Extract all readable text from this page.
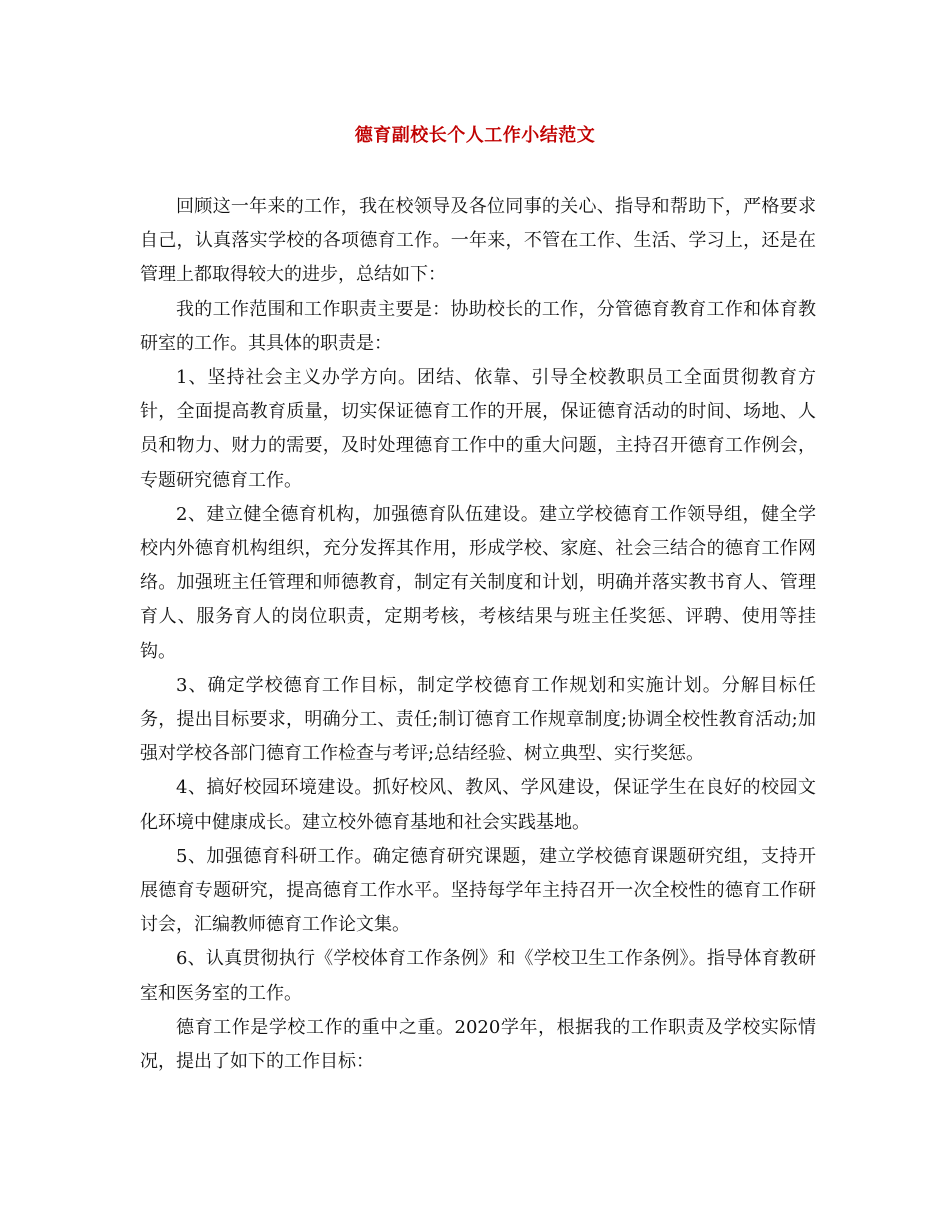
德育副校长个人工作小结范文

回顾这一年来的工作，我在校领导及各位同事的关心、指导和帮助下，严格要求自己，认真落实学校的各项德育工作。一年来，不管在工作、生活、学习上，还是在管理上都取得较大的进步，总结如下：

我的工作范围和工作职责主要是：协助校长的工作，分管德育教育工作和体育教研室的工作。其具体的职责是：

1、坚持社会主义办学方向。团结、依靠、引导全校教职员工全面贯彻教育方针，全面提高教育质量，切实保证德育工作的开展，保证德育活动的时间、场地、人员和物力、财力的需要，及时处理德育工作中的重大问题，主持召开德育工作例会，专题研究德育工作。

2、建立健全德育机构，加强德育队伍建设。建立学校德育工作领导组，健全学校内外德育机构组织，充分发挥其作用，形成学校、家庭、社会三结合的德育工作网络。加强班主任管理和师德教育，制定有关制度和计划，明确并落实教书育人、管理育人、服务育人的岗位职责，定期考核，考核结果与班主任奖惩、评聘、使用等挂钩。

3、确定学校德育工作目标，制定学校德育工作规划和实施计划。分解目标任务，提出目标要求，明确分工、责任;制订德育工作规章制度;协调全校性教育活动;加强对学校各部门德育工作检查与考评;总结经验、树立典型、实行奖惩。

4、搞好校园环境建设。抓好校风、教风、学风建设，保证学生在良好的校园文化环境中健康成长。建立校外德育基地和社会实践基地。

5、加强德育科研工作。确定德育研究课题，建立学校德育课题研究组，支持开展德育专题研究，提高德育工作水平。坚持每学年主持召开一次全校性的德育工作研讨会，汇编教师德育工作论文集。

6、认真贯彻执行《学校体育工作条例》和《学校卫生工作条例》。指导体育教研室和医务室的工作。

德育工作是学校工作的重中之重。2020学年，根据我的工作职责及学校实际情况，提出了如下的工作目标：
